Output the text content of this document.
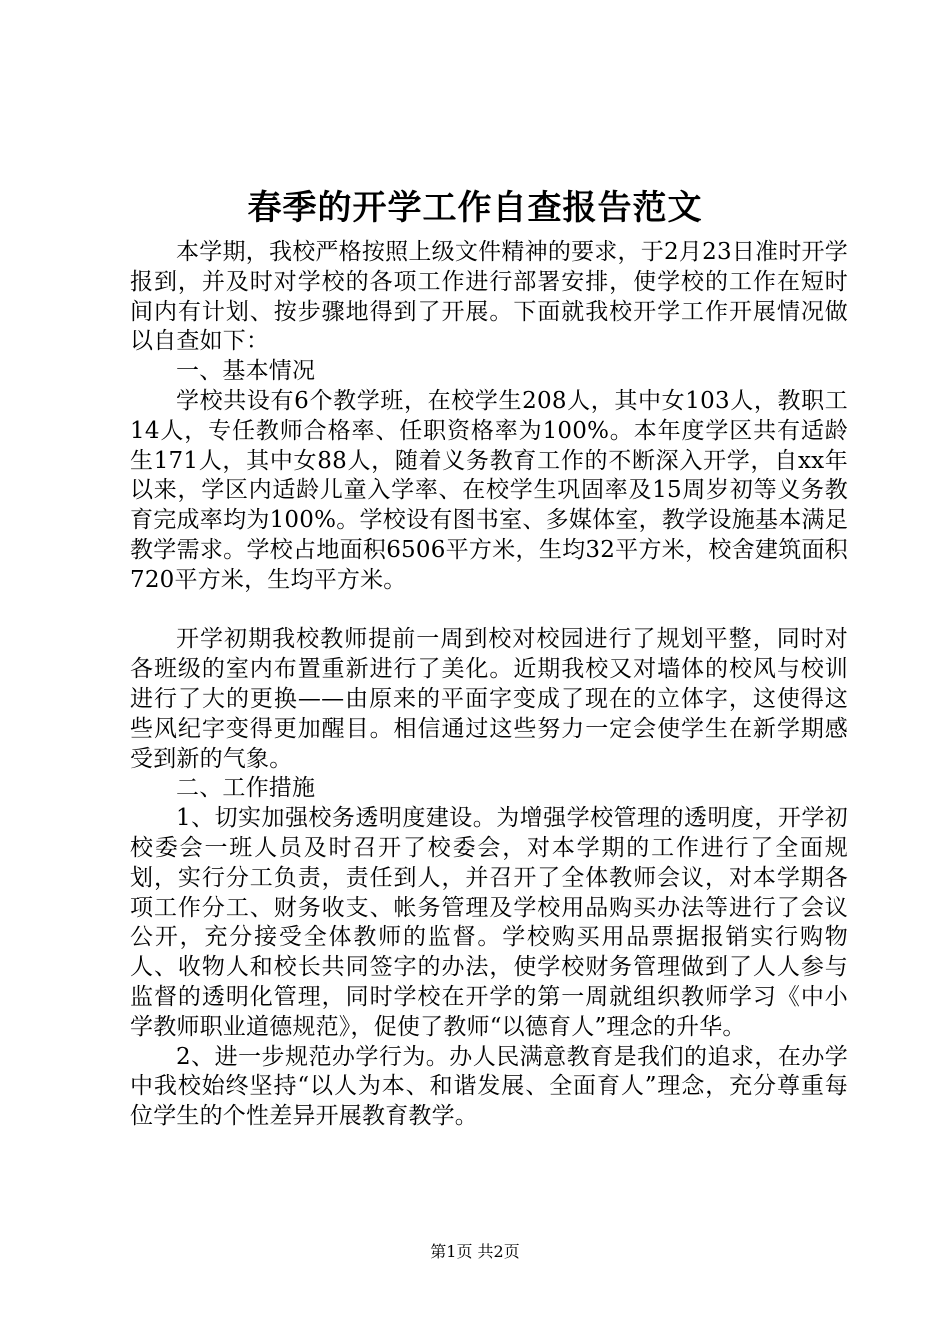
春季的开学工作自查报告范文

本学期，我校严格按照上级文件精神的要求，于2月23日准时开学报到，并及时对学校的各项工作进行部署安排，使学校的工作在短时间内有计划、按步骤地得到了开展。下面就我校开学工作开展情况做以自查如下：

一、基本情况

学校共设有6个教学班，在校学生208人，其中女103人，教职工14人，专任教师合格率、任职资格率为100%。本年度学区共有适龄生171人，其中女88人，随着义务教育工作的不断深入开学，自xx年以来，学区内适龄儿童入学率、在校学生巩固率及15周岁初等义务教育完成率均为100%。学校设有图书室、多媒体室，教学设施基本满足教学需求。学校占地面积6506平方米，生均32平方米，校舍建筑面积720平方米，生均平方米。

开学初期我校教师提前一周到校对校园进行了规划平整，同时对各班级的室内布置重新进行了美化。近期我校又对墙体的校风与校训进行了大的更换——由原来的平面字变成了现在的立体字，这使得这些风纪字变得更加醒目。相信通过这些努力一定会使学生在新学期感受到新的气象。

二、工作措施

1、切实加强校务透明度建设。为增强学校管理的透明度，开学初校委会一班人员及时召开了校委会，对本学期的工作进行了全面规划，实行分工负责，责任到人，并召开了全体教师会议，对本学期各项工作分工、财务收支、帐务管理及学校用品购买办法等进行了会议公开，充分接受全体教师的监督。学校购买用品票据报销实行购物人、收物人和校长共同签字的办法，使学校财务管理做到了人人参与监督的透明化管理，同时学校在开学的第一周就组织教师学习《中小学教师职业道德规范》，促使了教师“以德育人”理念的升华。

2、进一步规范办学行为。办人民满意教育是我们的追求，在办学中我校始终坚持“以人为本、和谐发展、全面育人”理念，充分尊重每位学生的个性差异开展教育教学。

第1页 共2页
